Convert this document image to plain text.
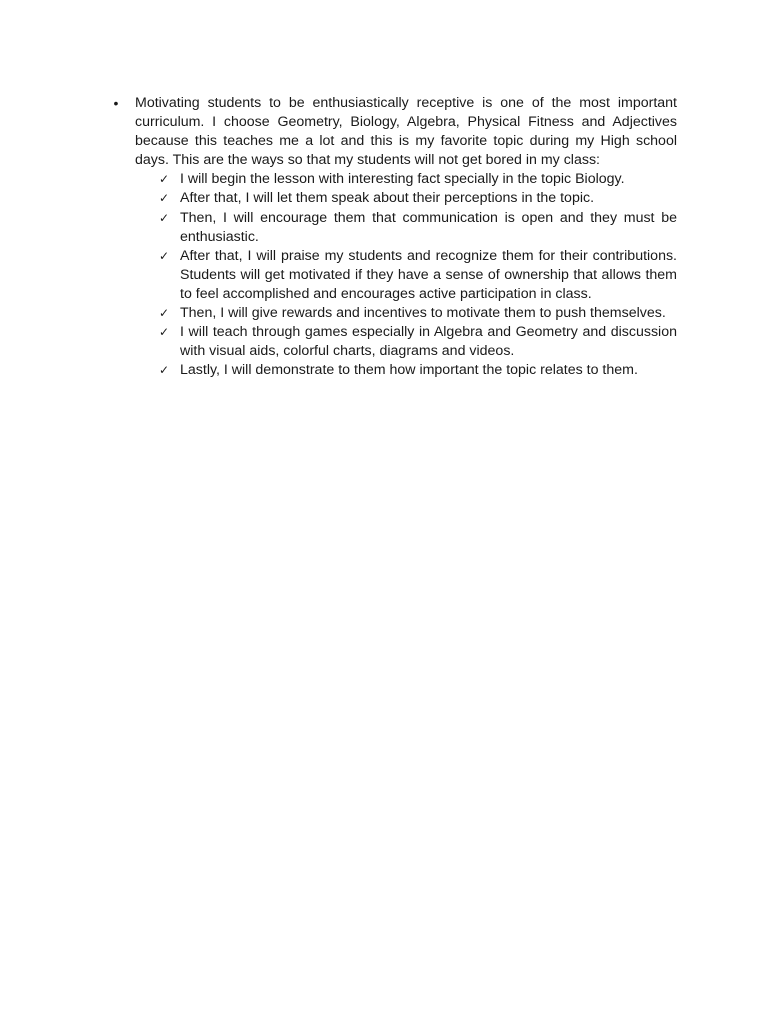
• Motivating students to be enthusiastically receptive is one of the most important curriculum. I choose Geometry, Biology, Algebra, Physical Fitness and Adjectives because this teaches me a lot and this is my favorite topic during my High school days. This are the ways so that my students will not get bored in my class:
✓ I will begin the lesson with interesting fact specially in the topic Biology.
✓ After that, I will let them speak about their perceptions in the topic.
✓ Then, I will encourage them that communication is open and they must be enthusiastic.
✓ After that, I will praise my students and recognize them for their contributions. Students will get motivated if they have a sense of ownership that allows them to feel accomplished and encourages active participation in class.
✓ Then, I will give rewards and incentives to motivate them to push themselves.
✓ I will teach through games especially in Algebra and Geometry and discussion with visual aids, colorful charts, diagrams and videos.
✓ Lastly, I will demonstrate to them how important the topic relates to them.
